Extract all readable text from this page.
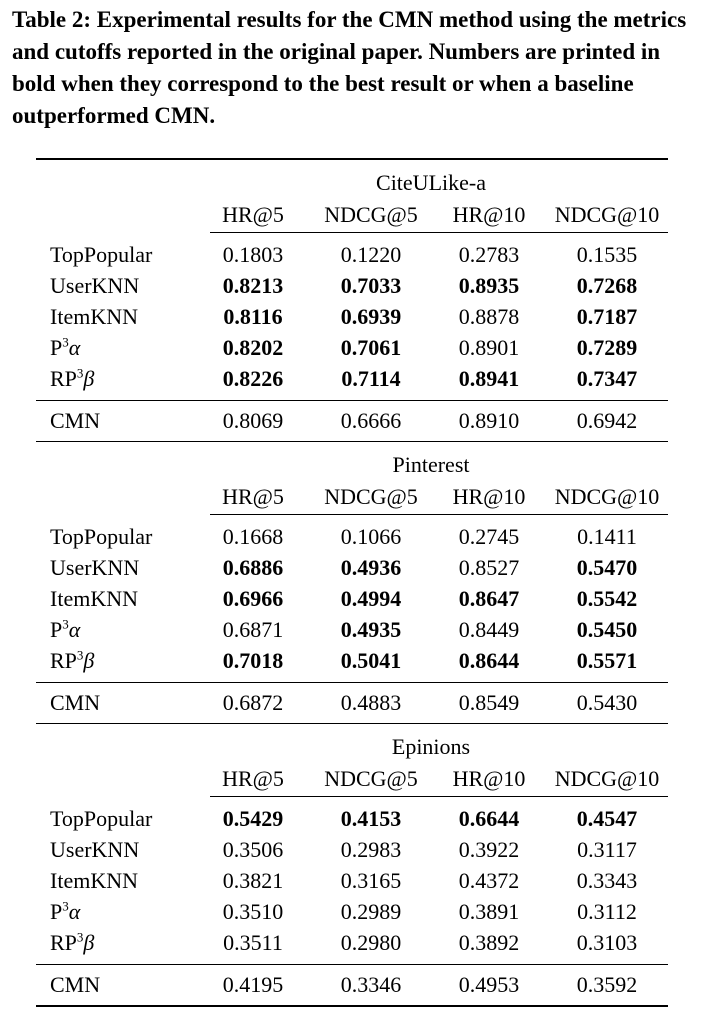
Table 2: Experimental results for the CMN method using the metrics and cutoffs reported in the original paper. Numbers are printed in bold when they correspond to the best result or when a baseline outperformed CMN.
CiteULike-a
HR@5	NDCG@5	HR@10	NDCG@10
TopPopular	0.1803	0.1220	0.2783	0.1535
UserKNN	0.8213	0.7033	0.8935	0.7268
ItemKNN	0.8116	0.6939	0.8878	0.7187
$P^3\alpha$	0.8202	0.7061	0.8901	0.7289
$RP^3\beta$	0.8226	0.7114	0.8941	0.7347
CMN	0.8069	0.6666	0.8910	0.6942
Pinterest
HR@5	NDCG@5	HR@10	NDCG@10
TopPopular	0.1668	0.1066	0.2745	0.1411
UserKNN	0.6886	0.4936	0.8527	0.5470
ItemKNN	0.6966	0.4994	0.8647	0.5542
$P^3\alpha$	0.6871	0.4935	0.8449	0.5450
$RP^3\beta$	0.7018	0.5041	0.8644	0.5571
CMN	0.6872	0.4883	0.8549	0.5430
Epinions
HR@5	NDCG@5	HR@10	NDCG@10
TopPopular	0.5429	0.4153	0.6644	0.4547
UserKNN	0.3506	0.2983	0.3922	0.3117
ItemKNN	0.3821	0.3165	0.4372	0.3343
$P^3\alpha$	0.3510	0.2989	0.3891	0.3112
$RP^3\beta$	0.3511	0.2980	0.3892	0.3103
CMN	0.4195	0.3346	0.4953	0.3592
